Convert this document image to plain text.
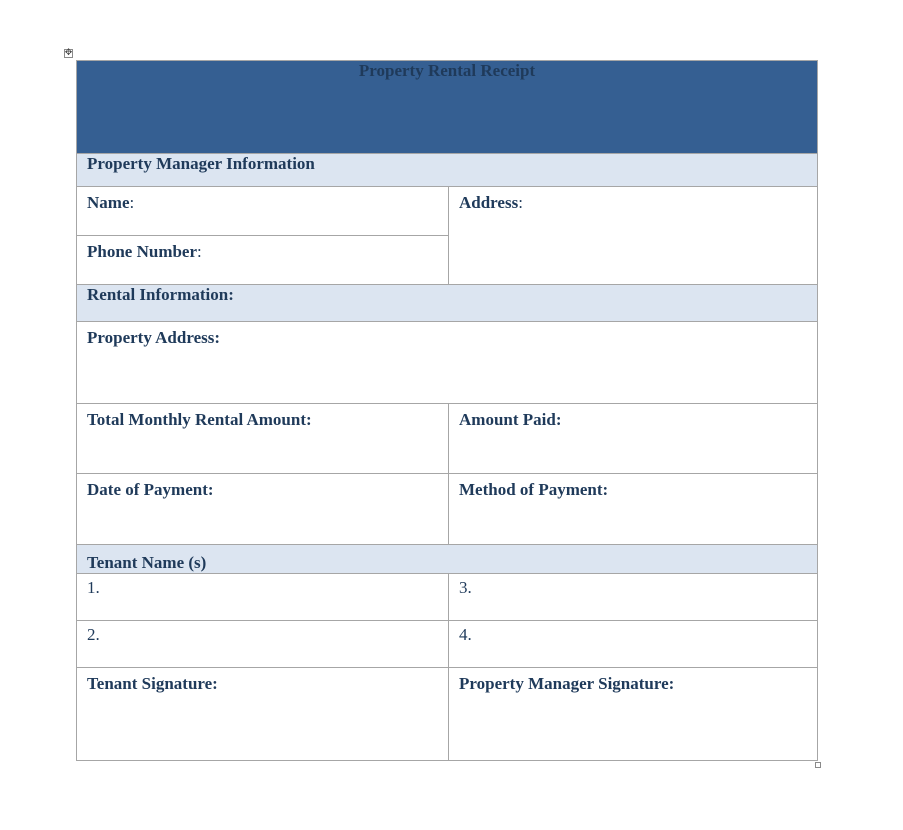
✥
Property Rental Receipt	
Property Manager Information	
Name:	Address:
Phone Number:	
Rental Information:	
Property Address:	
Total Monthly Rental Amount:	Amount Paid:
Date of Payment:	Method of Payment:
Tenant Name (s)	
1.	3.
2.	4.
Tenant Signature:	Property Manager Signature:
